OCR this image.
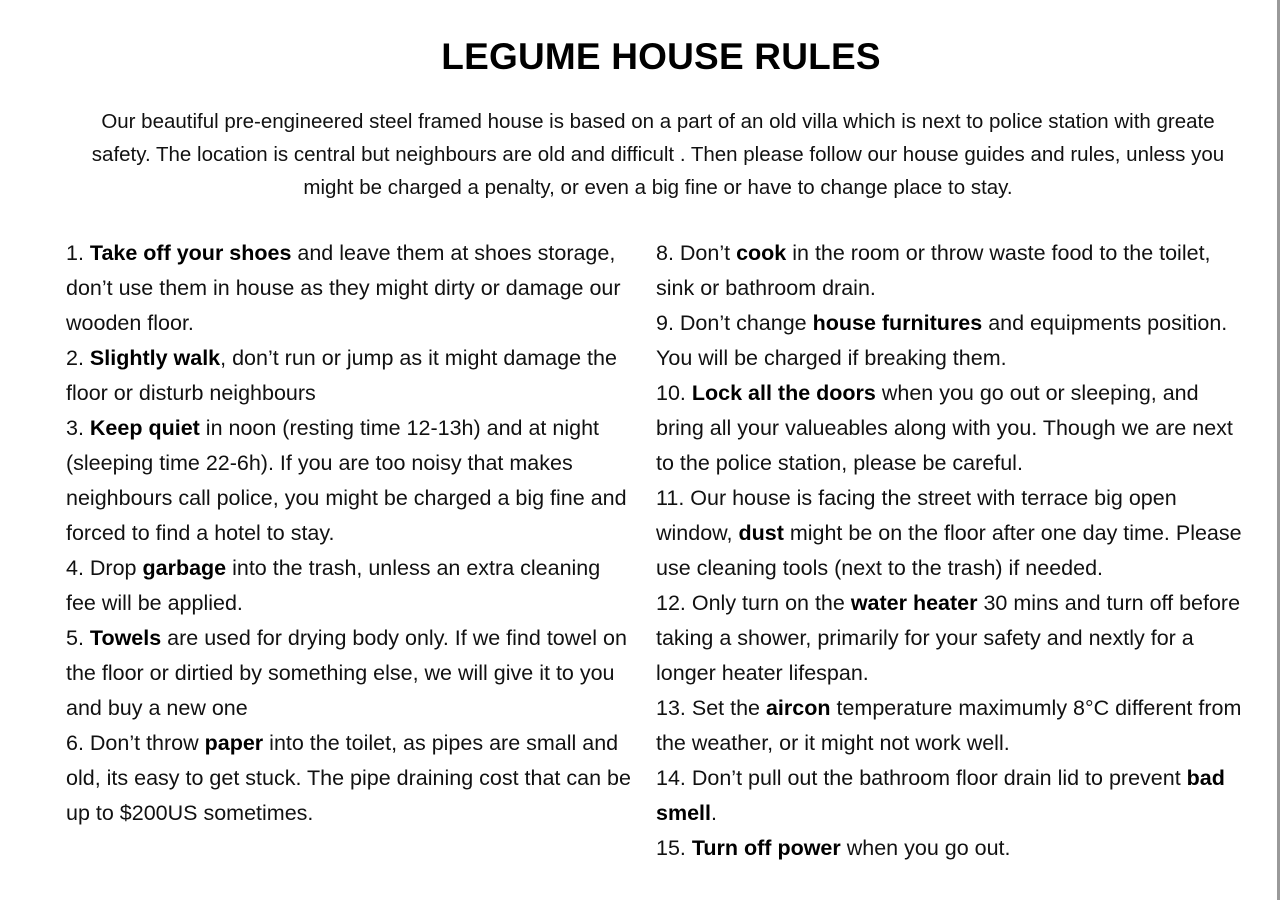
LEGUME HOUSE RULES

Our beautiful pre-engineered steel framed house is based on a part of an old villa which is next to police station with greate safety. The location is central but neighbours are old and difficult . Then please follow our house guides and rules, unless you might be charged a penalty, or even a big fine or have to change place to stay.

1. Take off your shoes and leave them at shoes storage, don’t use them in house as they might dirty or damage our wooden floor.
2. Slightly walk, don’t run or jump as it might damage the floor or disturb neighbours
3. Keep quiet in noon (resting time 12-13h) and at night (sleeping time 22-6h). If you are too noisy that makes neighbours call police, you might be charged a big fine and forced to find a hotel to stay.
4. Drop garbage into the trash, unless an extra cleaning fee will be applied.
5. Towels are used for drying body only. If we find towel on the floor or dirtied by something else, we will give it to you and buy a new one
6. Don’t throw paper into the toilet, as pipes are small and old, its easy to get stuck. The pipe draining cost that can be up to $200US sometimes.
8. Don’t cook in the room or throw waste food to the toilet, sink or bathroom drain.
9. Don’t change house furnitures and equipments position. You will be charged if breaking them.
10. Lock all the doors when you go out or sleeping, and bring all your valueables along with you. Though we are next to the police station, please be careful.
11. Our house is facing the street with terrace big open window, dust might be on the floor after one day time. Please use cleaning tools (next to the trash) if needed.
12. Only turn on the water heater 30 mins and turn off before taking a shower, primarily for your safety and nextly for a longer heater lifespan.
13. Set the aircon temperature maximumly 8°C different from the weather, or it might not work well.
14. Don’t pull out the bathroom floor drain lid to prevent bad smell.
15. Turn off power when you go out.
